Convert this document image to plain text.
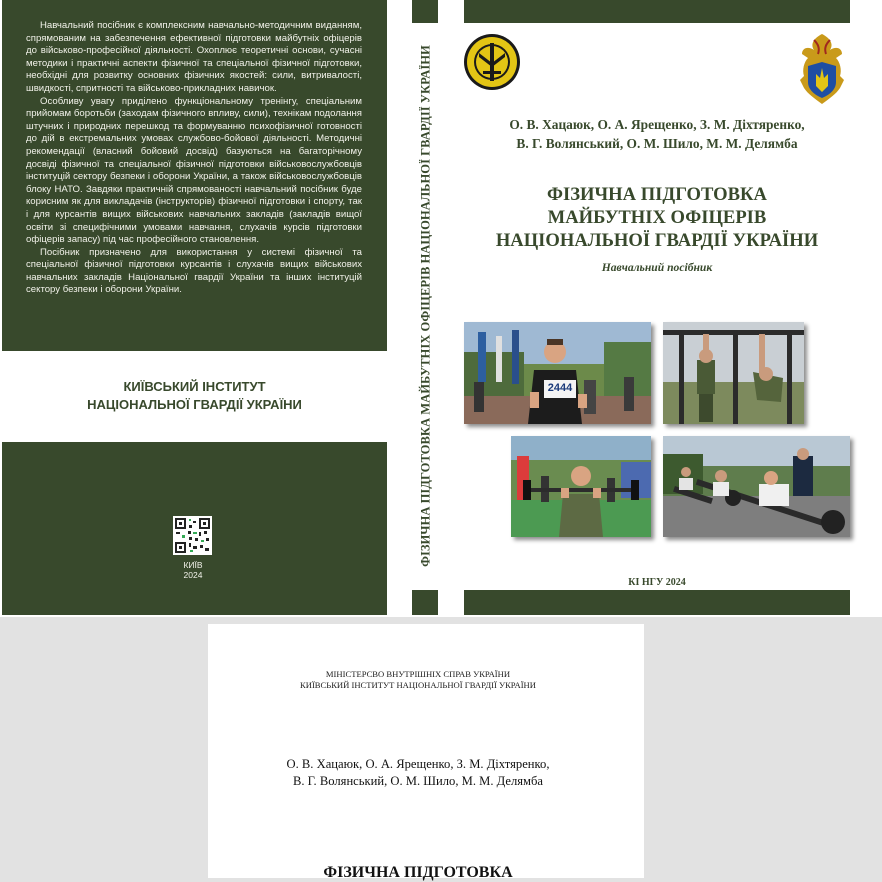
Навчальний посібник є комплексним навчально-методичним виданням, спрямованим на забезпечення ефективної підготовки майбутніх офіцерів до військово-професійної діяльності. Охоплює теоретичні основи, сучасні методики і практичні аспекти фізичної та спеціальної фізичної підготовки, необхідні для розвитку основних фізичних якостей: сили, витривалості, швидкості, спритності та військово-прикладних навичок.

Особливу увагу приділено функціональному тренінгу, спеціальним прийомам боротьби (заходам фізичного впливу, сили), технікам подолання штучних і природних перешкод та формуванню психофізичної готовності до дій в екстремальних умовах службово-бойової діяльності. Методичні рекомендації (власний бойовий досвід) базуються на багаторічному досвіді фізичної та спеціальної фізичної підготовки військовослужбовців інституцій сектору безпеки і оборони України, а також військовослужбовців блоку НАТО. Завдяки практичній спрямованості навчальний посібник буде корисним як для викладачів (інструкторів) фізичної підготовки і спорту, так і для курсантів вищих військових навчальних закладів (закладів вищої освіти зі специфічними умовами навчання, слухачів курсів підготовки офіцерів запасу) під час професійного становлення.

Посібник призначено для використання у системі фізичної та спеціальної фізичної підготовки курсантів і слухачів вищих військових навчальних закладів Національної гвардії України та інших інституцій сектору безпеки і оборони України.

КИЇВСЬКИЙ ІНСТИТУТ
НАЦІОНАЛЬНОЇ ГВАРДІЇ УКРАЇНИ
КИЇВ
2024
ФІЗИЧНА ПІДГОТОВКА МАЙБУТНІХ ОФІЦЕРІВ НАЦІОНАЛЬНОЇ ГВАРДІЇ УКРАЇНИ	О. В. Хацаюк, О. А. Ярещенко, З. М. Діхтяренко,
В. Г. Волянський, О. М. Шило, М. М. Делямба
ФІЗИЧНА ПІДГОТОВКА
МАЙБУТНІХ ОФІЦЕРІВ
НАЦІОНАЛЬНОЇ ГВАРДІЇ УКРАЇНИ
Навчальний посібник
2444
КІ НГУ 2024
МІНІСТЕРСВО ВНУТРІШНІХ СПРАВ УКРАЇНИ
КИЇВСЬКИЙ ІНСТИТУТ НАЦІОНАЛЬНОЇ ГВАРДІЇ УКРАЇНИ
О. В. Хацаюк, О. А. Ярещенко, З. М. Діхтяренко,
В. Г. Волянський, О. М. Шило, М. М. Делямба
ФІЗИЧНА ПІДГОТОВКА
